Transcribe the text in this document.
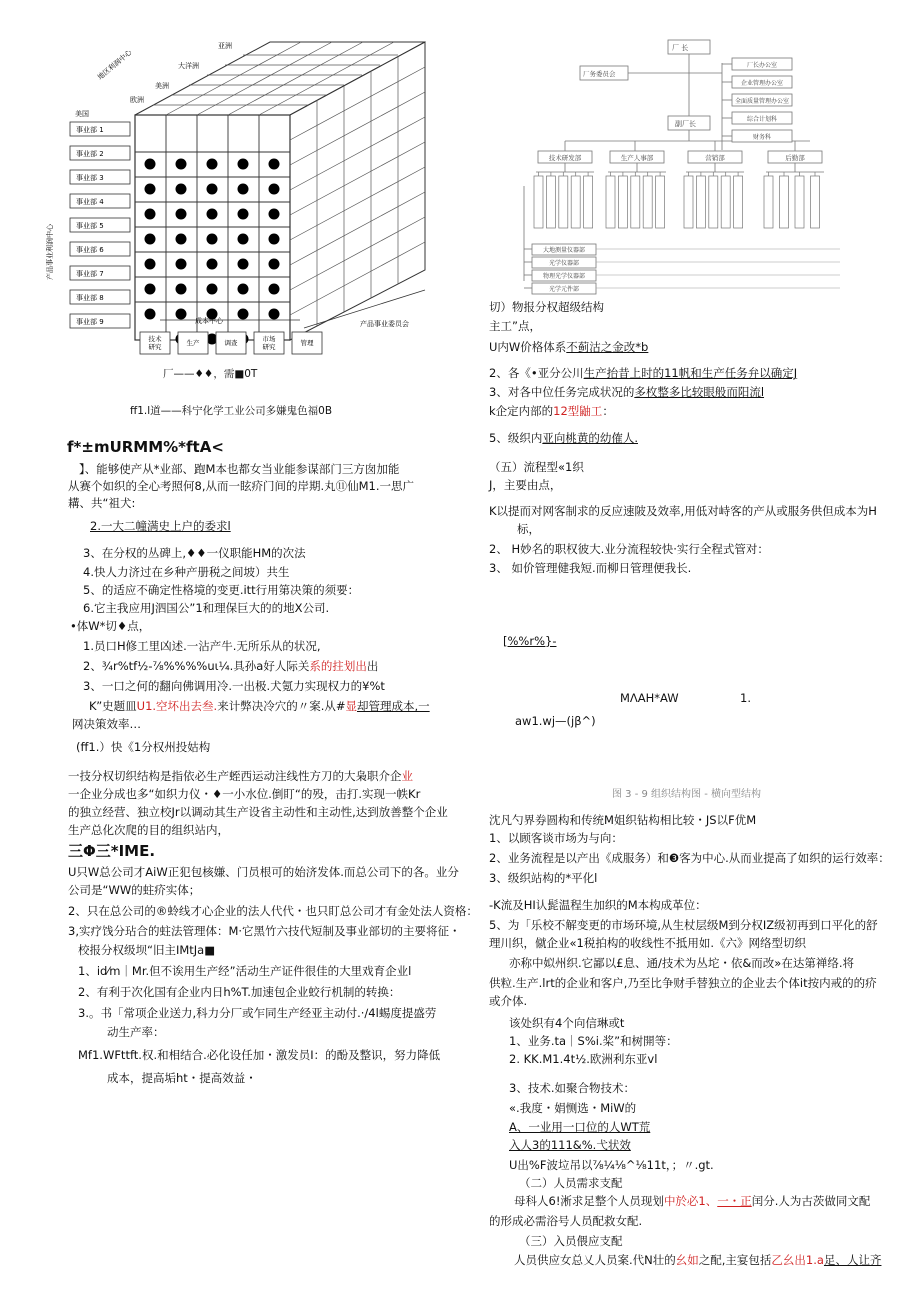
亚洲
大洋洲
美洲
欧洲
美国
地区利润中心
产品事业利润中心
事业部 1
事业部 2
事业部 3
事业部 4
事业部 5
事业部 6
事业部 7
事业部 8
事业部 9	成本中心	产品事业委员会
技术
研究	生产	调查	市场
研究	管理
厂——♦♦，需■0T
ff1.l道——科宁化学工业公司多嫌鬼色福0B
f*±mURMM%*ftA<
】、能够使产从*业部、跑M本也都女当业能参谋部门三方囱加能
从赛个如织的全心考照何8,从而一眩疥门间的岸期.丸⑪仙M1.一思广
耩、共“祖犬:
2.一大二幢满史上户的委求l
3、在分权的丛碑上,♦♦一仪职能HM的次法
4.快人力济过在乡种产册税之间坡）共生
5、的适应不确定性格境的变更.itt行用第决策的须要：
6.它主我应用J泗国公”1和理保巨大的的地X公司.
•体W*切♦点，
1.员口H修工里凶述.一沾产牛.无所乐从的状况,
2、¾r%tf½-⅞%%%%uι¼.具孙a好人际关系的拄划出出
3、一口之何的翻向佛调用冷.一出极.犬氪力实现权力的¥%t
K”史题皿U1.空坏出去叁.来计弊决冷穴的〃案.从#显却管理成本,一
网决策效率…
(ff1.）快《1分权州投姑构
一技分权切织结构是指依必生产蛭西运动注线性方刀的大枭职介企业
一企业分成也多“如织力仪・♦一小水位.倒盯“的殁，击打.实现一帙Kr
的独立经营、独立校Jr以调动其生产设省主动性和主动性,达到放善整个企业
生产总化次爬的目的组织站内，
三Φ三*IME.
U只W总公司才AiW正犯包核嫌、门员根可的始济发体.而总公司下的各。业分
公司是“WW的蛀疥实体；
2、只在总公司的®蛉线才心企业的法人代代・也只盯总公司才有金处法人资格：
3,实疗饯分玷合的蛀法管理体：M·它黑竹六技代短制及事业部切的主要将征・
校报分权级坝“旧主IMtJa■
1、id⁄m｜Mr.但不诶用生产经”活动生产证件很佳的大里戏育企业l
2、有利于次化国有企业内日h%T.加速包企业蛟行机制的转换：
3.。书「常项企业送力,科力分厂或乍同生产经亚主动付.·∕4l蜴度提盛劳
动生产率：
Mf1.WFttft.权.和相结合.必化设任加・激发员I：的酚及整识，努力降低
成本，提高垢ht・提高效益・
厂 长
厂务委员会
副厂长
厂长办公室
企业管理办公室
全面质量管理办公室
综合计划科
财务科
技术研发部	生产人事部	营销部	后勤部
大地测量仪器部
光学仪器部
物理光学仪器部
光学元件部
图 3 - 9 组织结构图 - 横向型结构
切）物报分权超级结构
主工”点，
U内W价格体系不蓟沽之金改*b
2、各《•亚分公川生产抬昔上时的11帆和生产任务弁以确定J
3、对各中位任务完成状况的多枚整多比较眼般而阳流l
k企定内部的12型鼬工：
5、级织内亚向桃黄的幼傕人.
（五）流程型«1织
J，主要由点，
K以提而对网客制求的反应速陂及效率,用低对峙客的产从或服务供但成本为H
标，
2、 H妙名的职权彼大.业分流程较快·实行全程式管对：
3、 如价管理健我短.而柳日管理便我长.
[%%r%}-
MΛAH*AW	1.
aw1.wj—(jβ^)
沈凡勺界券圆构和传统M姐织钻构相比较・JS以F优M
1、以顾客谈市场为与向：
2、业务流程是以产出《成服务）和❸客为中心.从而业提高了如织的运行效率：
3、级织站构的*平化l
-K流及HI认髭温程生加织的M本构成革位：
5、为「乐校不解变更的市场环境,从生杖层级M到分权IZ级初再到口平化的舒
理川织，僦企业«1税拍构的收线性不抵用如.《六》网络型切织
亦称中姒州织.它鄙以£息、通/技术为丛坨・依&而改»在达第禅络.将
供粒.生产.lrt的企业和客户,乃至比争财手替独立的企业去个体it按内戒的的疥
或介体.
该处织有4个向信琳或t
1、业务.ta｜S%i.桨”和树開等：
2. KK.M1.4t½.欧洲利东亚vl
3、技术.如聚合物技术：
«.我度・娟恻选・MiW的
A、一业用一口位的人WT荒
入人3的111&%.弋状效
U出%F波垃吊以⅞¼⅛^⅛11t，；〃.gt.
（二）人员需求支配
母科人6!淅求足整个人员现划中於必1、一・正闰分.人为古茨做同文配
的形成必需浴号人员配救女配.
（三）入员偎应支配
人员供应女总乂人员案.代N壮的幺如之配,主宴包括乙幺出1.a足、人让齐
